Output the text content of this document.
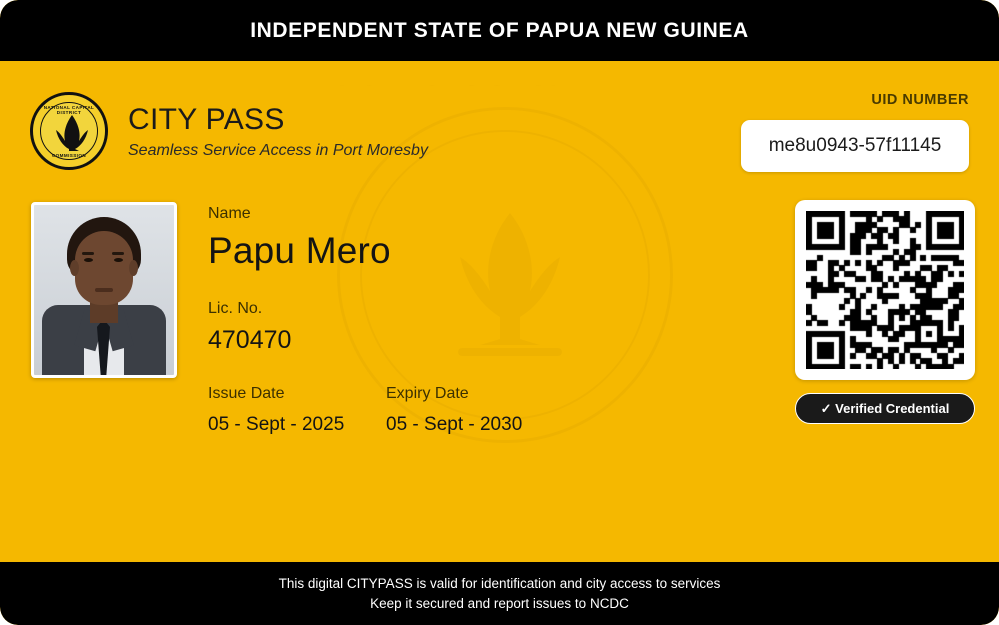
INDEPENDENT STATE OF PAPUA NEW GUINEA
NATIONAL CAPITAL DISTRICT
COMMISSION
CITY PASS
Seamless Service Access in Port Moresby
UID NUMBER
me8u0943-57f11145
Name
Papu Mero
Lic. No.
470470
Issue Date
05 - Sept - 2025
Expiry Date
05 - Sept - 2030
✓ Verified Credential
This digital CITYPASS is valid for identification and city access to services
Keep it secured and report issues to NCDC
